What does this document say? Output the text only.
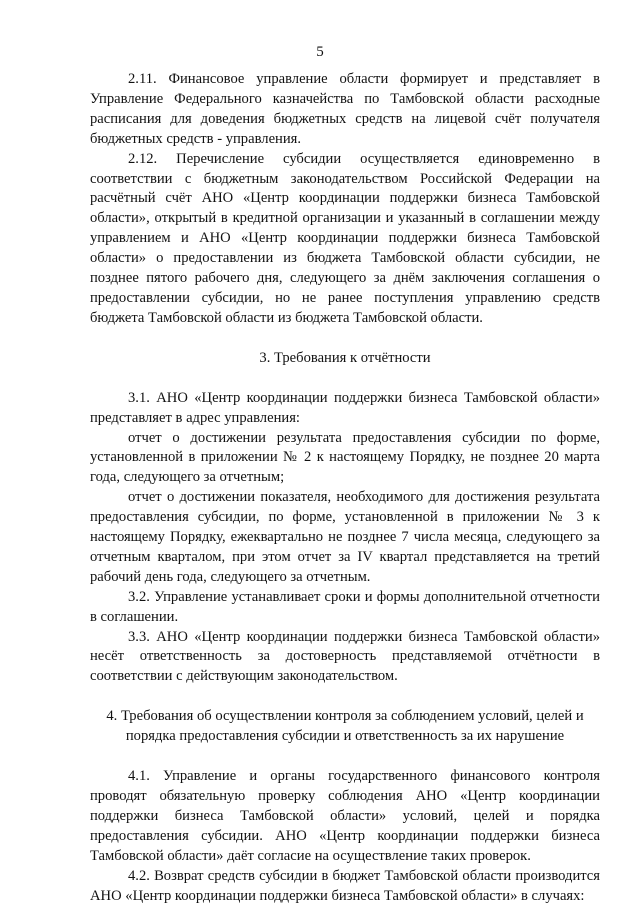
5

2.11. Финансовое управление области формирует и представляет в Управление Федерального казначейства по Тамбовской области расходные расписания для доведения бюджетных средств на лицевой счёт получателя бюджетных средств - управления.

2.12. Перечисление субсидии осуществляется единовременно в соответствии с бюджетным законодательством Российской Федерации на расчётный счёт АНО «Центр координации поддержки бизнеса Тамбовской области», открытый в кредитной организации и указанный в соглашении между управлением и АНО «Центр координации поддержки бизнеса Тамбовской области» о предоставлении из бюджета Тамбовской области субсидии, не позднее пятого рабочего дня, следующего за днём заключения соглашения о предоставлении субсидии, но не ранее поступления управлению средств бюджета Тамбовской области из бюджета Тамбовской области.

3. Требования к отчётности

3.1. АНО «Центр координации поддержки бизнеса Тамбовской области» представляет в адрес управления:

отчет о достижении результата предоставления субсидии по форме, установленной в приложении № 2 к настоящему Порядку, не позднее 20 марта года, следующего за отчетным;

отчет о достижении показателя, необходимого для достижения результата предоставления субсидии, по форме, установленной в приложении № 3 к настоящему Порядку, ежеквартально не позднее 7 числа месяца, следующего за отчетным кварталом, при этом отчет за IV квартал представляется на третий рабочий день года, следующего за отчетным.

3.2. Управление устанавливает сроки и формы дополнительной отчетности в соглашении.

3.3. АНО «Центр координации поддержки бизнеса Тамбовской области» несёт ответственность за достоверность представляемой отчётности в соответствии с действующим законодательством.

4. Требования об осуществлении контроля за соблюдением условий, целей и порядка предоставления субсидии и ответственность за их нарушение

4.1. Управление и органы государственного финансового контроля проводят обязательную проверку соблюдения АНО «Центр координации поддержки бизнеса Тамбовской области» условий, целей и порядка предоставления субсидии. АНО «Центр координации поддержки бизнеса Тамбовской области» даёт согласие на осуществление таких проверок.

4.2. Возврат средств субсидии в бюджет Тамбовской области производится АНО «Центр координации поддержки бизнеса Тамбовской области» в случаях:
